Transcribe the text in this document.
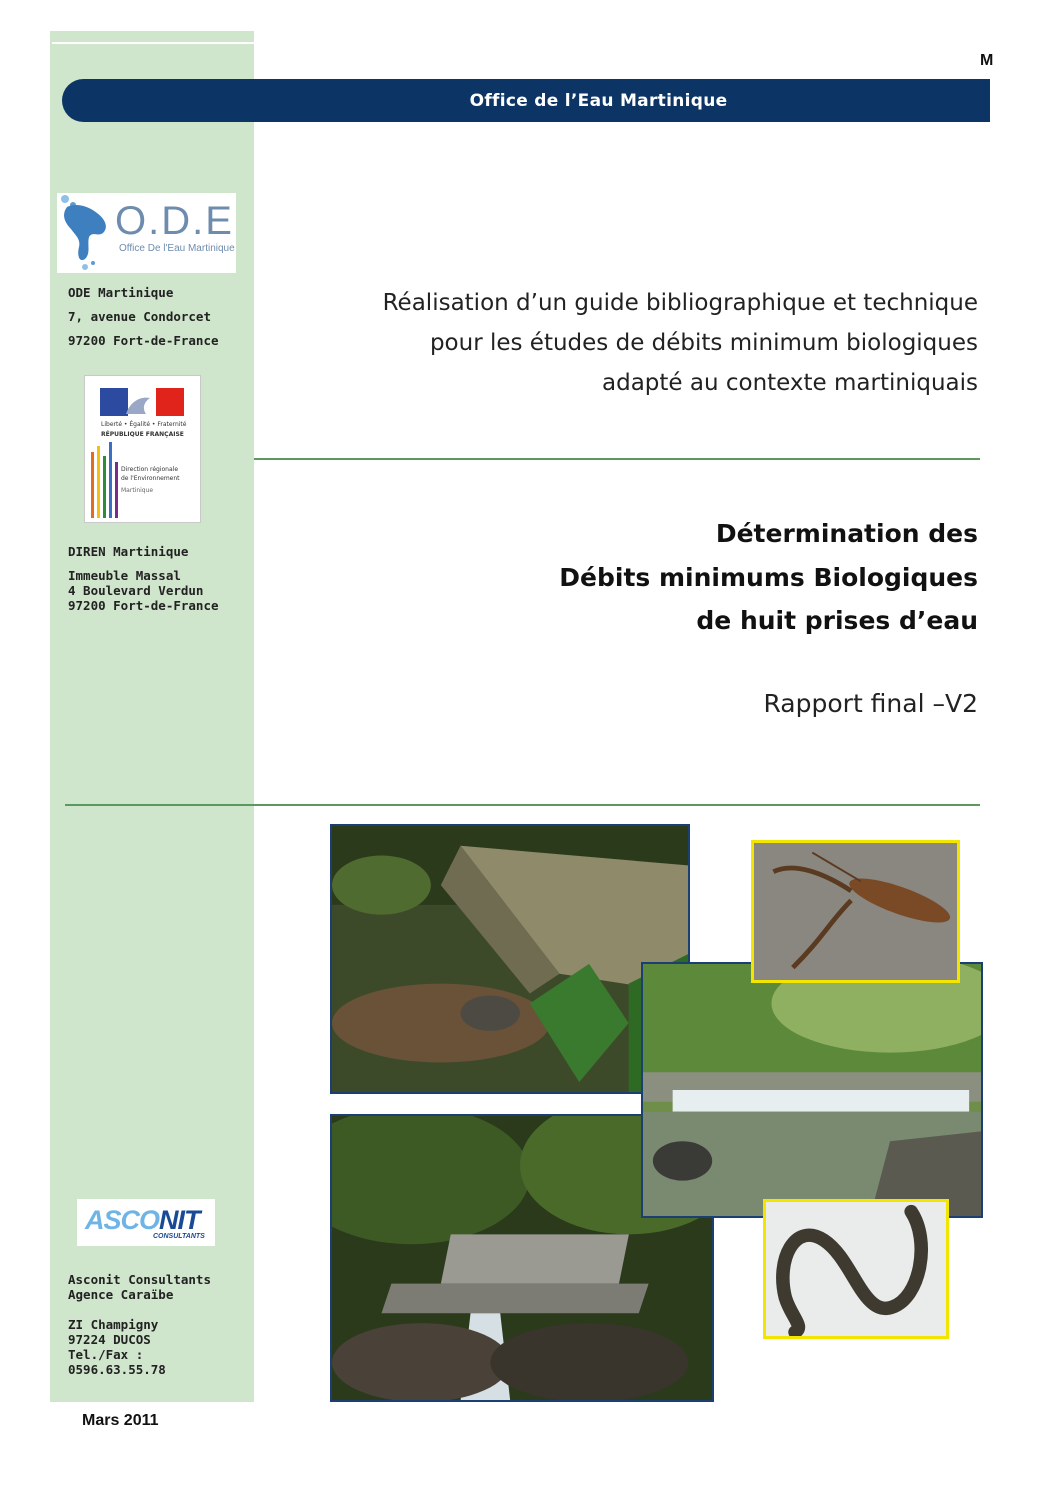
M
Office de l’Eau Martinique
O.D.E
Office De l'Eau Martinique

ODE Martinique

7, avenue Condorcet

97200 Fort-de-France

Liberté • Égalité • Fraternité
RÉPUBLIQUE FRANÇAISE
Direction régionale
de l'Environnement
Martinique

DIREN Martinique

Immeuble Massal

4 Boulevard Verdun

97200 Fort-de-France

Réalisation d’un guide bibliographique et technique
pour les études de débits minimum biologiques
adapté au contexte martiniquais
Détermination des
Débits minimums Biologiques
de huit prises d’eau
Rapport final –V2
ASCONIT
CONSULTANTS

Asconit Consultants

Agence Caraïbe

ZI Champigny

97224 DUCOS

Tel./Fax :

0596.63.55.78

Mars 2011
